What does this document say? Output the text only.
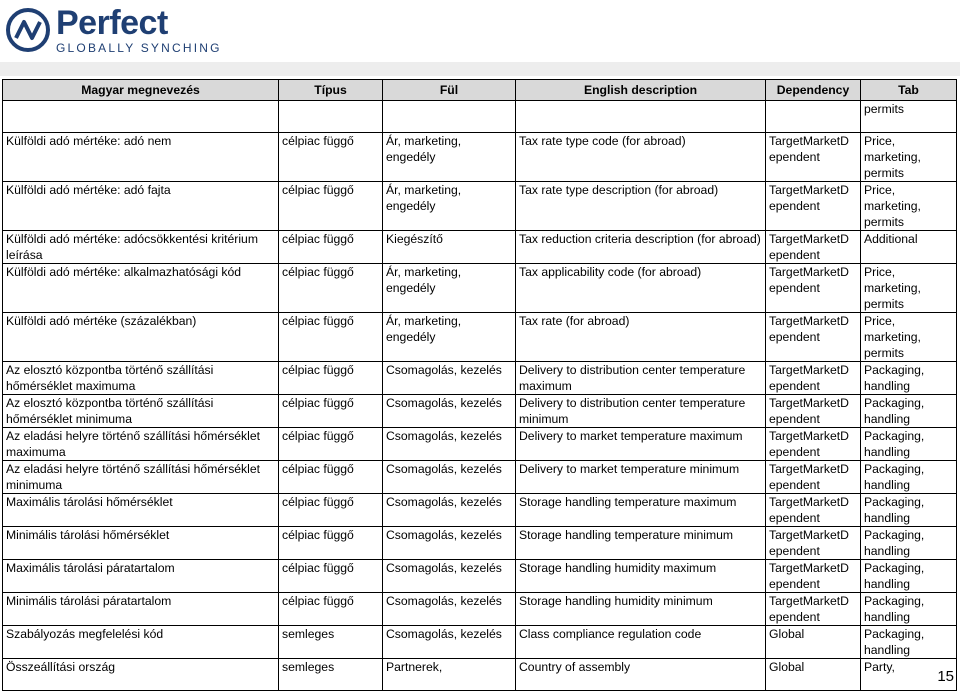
Perfect
GLOBALLY SYNCHING
Magyar megnevezés	Típus	Fül	English description	Dependency	Tab
					permits
Külföldi adó mértéke: adó nem	célpiac függő	Ár, marketing, engedély	Tax rate type code (for abroad)	TargetMarketD ependent	Price, marketing, permits
Külföldi adó mértéke: adó fajta	célpiac függő	Ár, marketing, engedély	Tax rate type description (for abroad)	TargetMarketD ependent	Price, marketing, permits
Külföldi adó mértéke: adócsökkentési kritérium leírása	célpiac függő	Kiegészítő	Tax reduction criteria description (for abroad)	TargetMarketD ependent	Additional
Külföldi adó mértéke: alkalmazhatósági kód	célpiac függő	Ár, marketing, engedély	Tax applicability code (for abroad)	TargetMarketD ependent	Price, marketing, permits
Külföldi adó mértéke (százalékban)	célpiac függő	Ár, marketing, engedély	Tax rate (for abroad)	TargetMarketD ependent	Price, marketing, permits
Az elosztó központba történő szállítási hőmérséklet maximuma	célpiac függő	Csomagolás, kezelés	Delivery to distribution center temperature maximum	TargetMarketD ependent	Packaging, handling
Az elosztó központba történő szállítási hőmérséklet minimuma	célpiac függő	Csomagolás, kezelés	Delivery to distribution center temperature minimum	TargetMarketD ependent	Packaging, handling
Az eladási helyre történő szállítási hőmérséklet maximuma	célpiac függő	Csomagolás, kezelés	Delivery to market temperature maximum	TargetMarketD ependent	Packaging, handling
Az eladási helyre történő szállítási hőmérséklet minimuma	célpiac függő	Csomagolás, kezelés	Delivery to market temperature minimum	TargetMarketD ependent	Packaging, handling
Maximális tárolási hőmérséklet	célpiac függő	Csomagolás, kezelés	Storage handling temperature maximum	TargetMarketD ependent	Packaging, handling
Minimális tárolási hőmérséklet	célpiac függő	Csomagolás, kezelés	Storage handling temperature minimum	TargetMarketD ependent	Packaging, handling
Maximális tárolási páratartalom	célpiac függő	Csomagolás, kezelés	Storage handling humidity maximum	TargetMarketD ependent	Packaging, handling
Minimális tárolási páratartalom	célpiac függő	Csomagolás, kezelés	Storage handling humidity minimum	TargetMarketD ependent	Packaging, handling
Szabályozás megfelelési kód	semleges	Csomagolás, kezelés	Class compliance regulation code	Global	Packaging, handling
Összeállítási ország	semleges	Partnerek,	Country of assembly	Global	Party,
15
